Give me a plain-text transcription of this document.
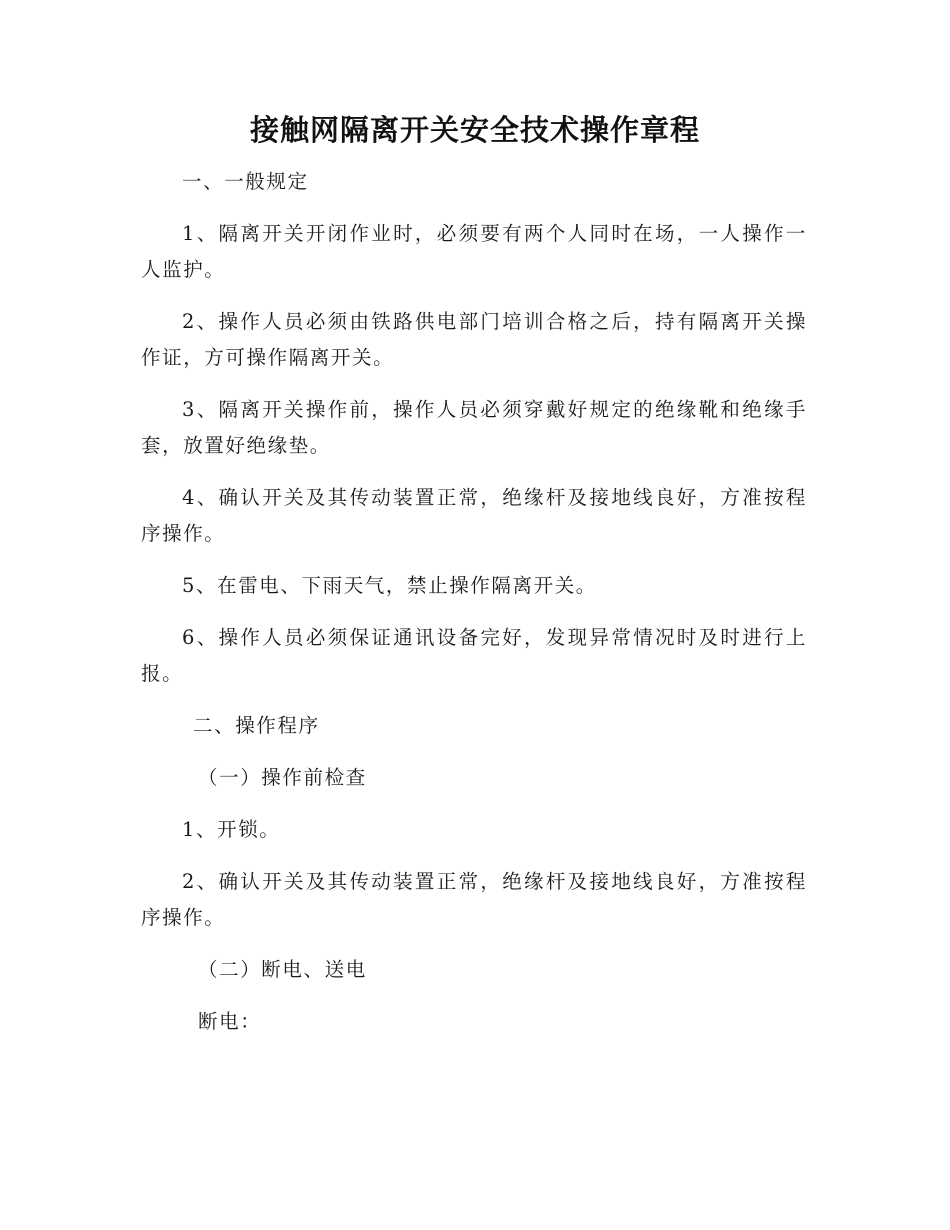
接触网隔离开关安全技术操作章程

一、一般规定

1、隔离开关开闭作业时，必须要有两个人同时在场，一人操作一人监护。

2、操作人员必须由铁路供电部门培训合格之后，持有隔离开关操作证，方可操作隔离开关。

3、隔离开关操作前，操作人员必须穿戴好规定的绝缘靴和绝缘手套，放置好绝缘垫。

4、确认开关及其传动装置正常，绝缘杆及接地线良好，方准按程序操作。

5、在雷电、下雨天气，禁止操作隔离开关。

6、操作人员必须保证通讯设备完好，发现异常情况时及时进行上报。

二、操作程序

（一）操作前检查

1、开锁。

2、确认开关及其传动装置正常，绝缘杆及接地线良好，方准按程序操作。

（二）断电、送电

断电：
